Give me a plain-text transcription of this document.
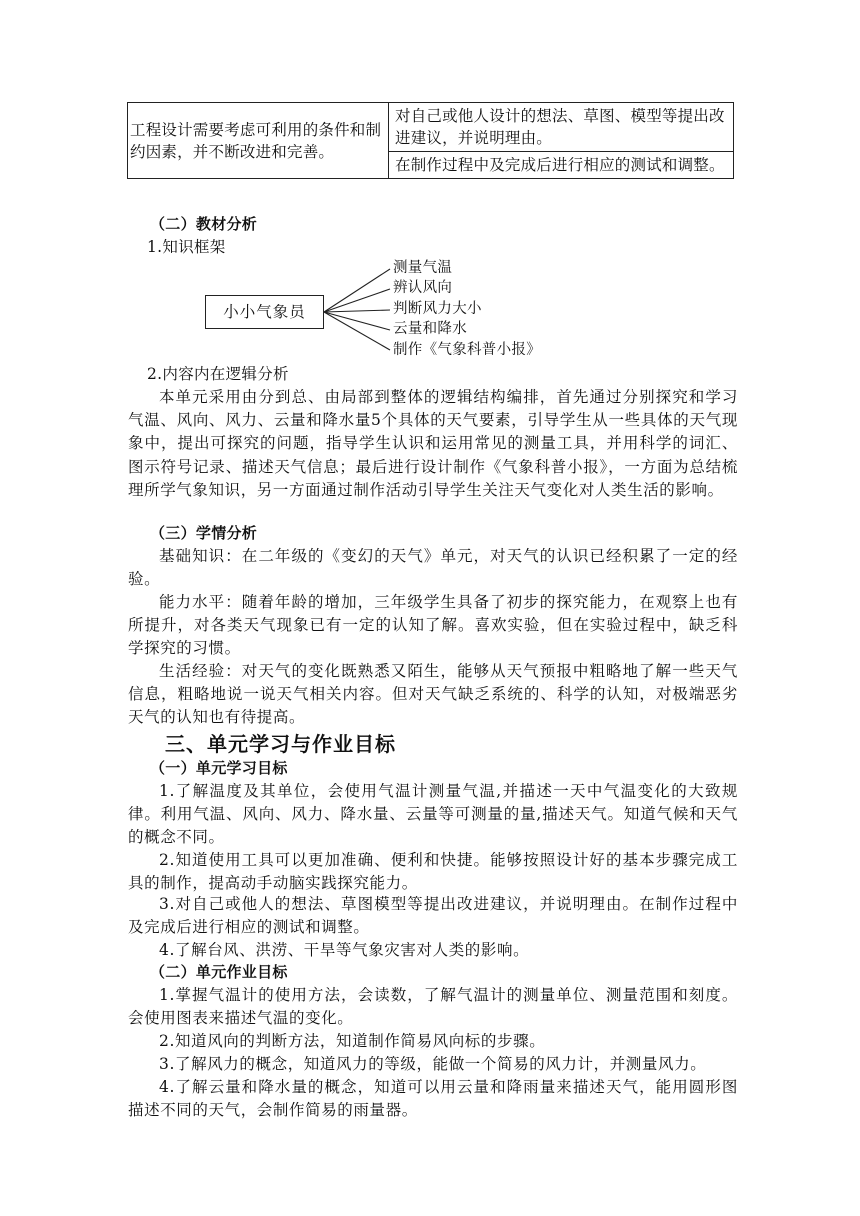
工程设计需要考虑可利用的条件和制约因素，并不断改进和完善。	对自己或他人设计的想法、草图、模型等提出改进建议，并说明理由。
在制作过程中及完成后进行相应的测试和调整。
（二）教材分析
1.知识框架
小小气象员
测量气温
辨认风向
判断风力大小
云量和降水
制作《气象科普小报》
2.内容内在逻辑分析
本单元采用由分到总、由局部到整体的逻辑结构编排，首先通过分别探究和学习气温、风向、风力、云量和降水量5个具体的天气要素，引导学生从一些具体的天气现象中，提出可探究的问题，指导学生认识和运用常见的测量工具，并用科学的词汇、图示符号记录、描述天气信息；最后进行设计制作《气象科普小报》，一方面为总结梳理所学气象知识，另一方面通过制作活动引导学生关注天气变化对人类生活的影响。
（三）学情分析
基础知识：在二年级的《变幻的天气》单元，对天气的认识已经积累了一定的经验。
能力水平：随着年龄的增加，三年级学生具备了初步的探究能力，在观察上也有所提升，对各类天气现象已有一定的认知了解。喜欢实验，但在实验过程中，缺乏科学探究的习惯。
生活经验：对天气的变化既熟悉又陌生，能够从天气预报中粗略地了解一些天气信息，粗略地说一说天气相关内容。但对天气缺乏系统的、科学的认知，对极端恶劣天气的认知也有待提高。
三、单元学习与作业目标
（一）单元学习目标
1.了解温度及其单位，会使用气温计测量气温,并描述一天中气温变化的大致规律。利用气温、风向、风力、降水量、云量等可测量的量,描述天气。知道气候和天气的概念不同。
2.知道使用工具可以更加准确、便利和快捷。能够按照设计好的基本步骤完成工具的制作，提高动手动脑实践探究能力。
3.对自己或他人的想法、草图模型等提出改进建议，并说明理由。在制作过程中及完成后进行相应的测试和调整。
4.了解台风、洪涝、干旱等气象灾害对人类的影响。
（二）单元作业目标
1.掌握气温计的使用方法，会读数，了解气温计的测量单位、测量范围和刻度。会使用图表来描述气温的变化。
2.知道风向的判断方法，知道制作简易风向标的步骤。
3.了解风力的概念，知道风力的等级，能做一个简易的风力计，并测量风力。
4.了解云量和降水量的概念，知道可以用云量和降雨量来描述天气，能用圆形图描述不同的天气，会制作简易的雨量器。
